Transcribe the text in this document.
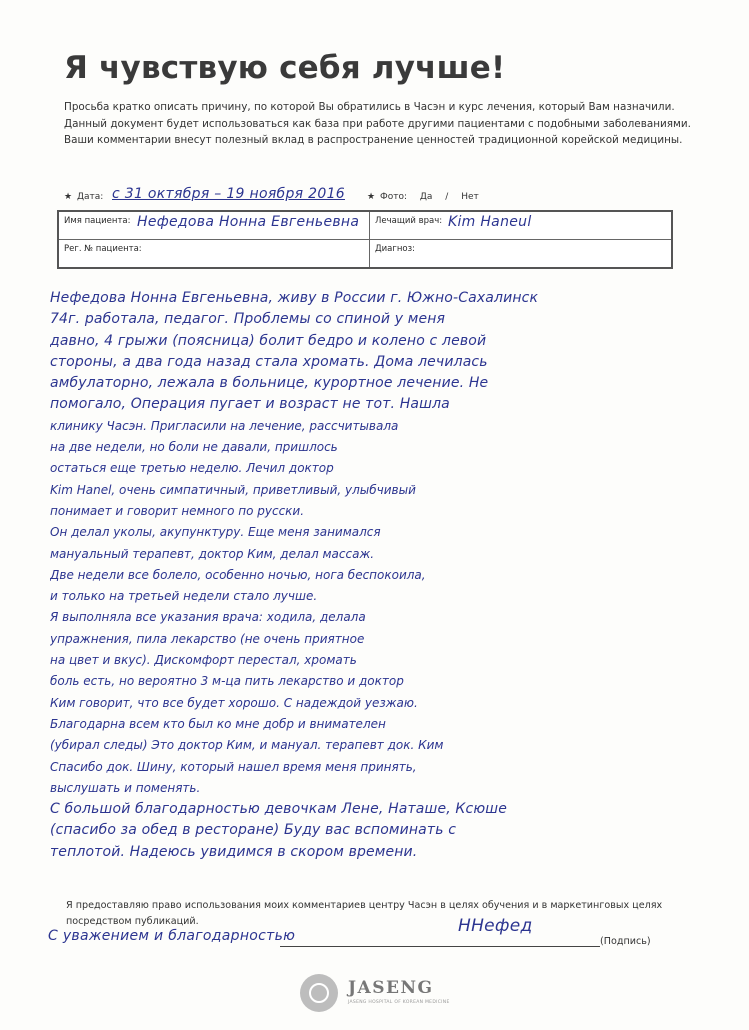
Я чувствую себя лучше!
Просьба кратко описать причину, по которой Вы обратились в Часэн и курс лечения, который Вам назначили.
Данный документ будет использоваться как база при работе другими пациентами с подобными заболеваниями.
Ваши комментарии внесут полезный вклад в распространение ценностей традиционной корейской медицины.
★ Дата: с 31 октября – 19 ноября 2016 ★ Фото: Да / Нет
Имя пациента: Нефедова Нонна Евгеньевна	Лечащий врач: Kim Haneul

Рег. № пациента:	Диагноз:
Нефедова Нонна Евгеньевна, живу в России г. Южно-Сахалинск
74г. работала, педагог. Проблемы со спиной у меня
давно, 4 грыжи (поясница) болит бедро и колено с левой
стороны, а два года назад стала хромать. Дома лечилась
амбулаторно, лежала в больнице, курортное лечение. Не
помогало, Операция пугает и возраст не тот. Нашла
клинику Часэн. Пригласили на лечение, рассчитывала
на две недели, но боли не давали, пришлось
остаться еще третью неделю. Лечил доктор
Kim Hanel, очень симпатичный, приветливый, улыбчивый
понимает и говорит немного по русски.
Он делал уколы, акупунктуру. Еще меня занимался
мануальный терапевт, доктор Ким, делал массаж.
Две недели все болело, особенно ночью, нога беспокоила,
и только на третьей недели стало лучше.
Я выполняла все указания врача: ходила, делала
упражнения, пила лекарство (не очень приятное
на цвет и вкус). Дискомфорт перестал, хромать
боль есть, но вероятно 3 м-ца пить лекарство и доктор
Ким говорит, что все будет хорошо. С надеждой уезжаю.
Благодарна всем кто был ко мне добр и внимателен
(убирал следы) Это доктор Ким, и мануал. терапевт док. Ким
Спасибо док. Шину, который нашел время меня принять,
выслушать и поменять.
С большой благодарностью девочкам Лене, Наташе, Ксюше
(спасибо за обед в ресторане) Буду вас вспоминать с
теплотой. Надеюсь увидимся в скором времени.
Я предоставляю право использования моих комментариев центру Часэн в целях обучения и в маркетинговых целях посредством публикаций.
С уважением и благодарностью	ННефед
(Подпись)
JASENG
JASENG HOSPITAL OF KOREAN MEDICINE
